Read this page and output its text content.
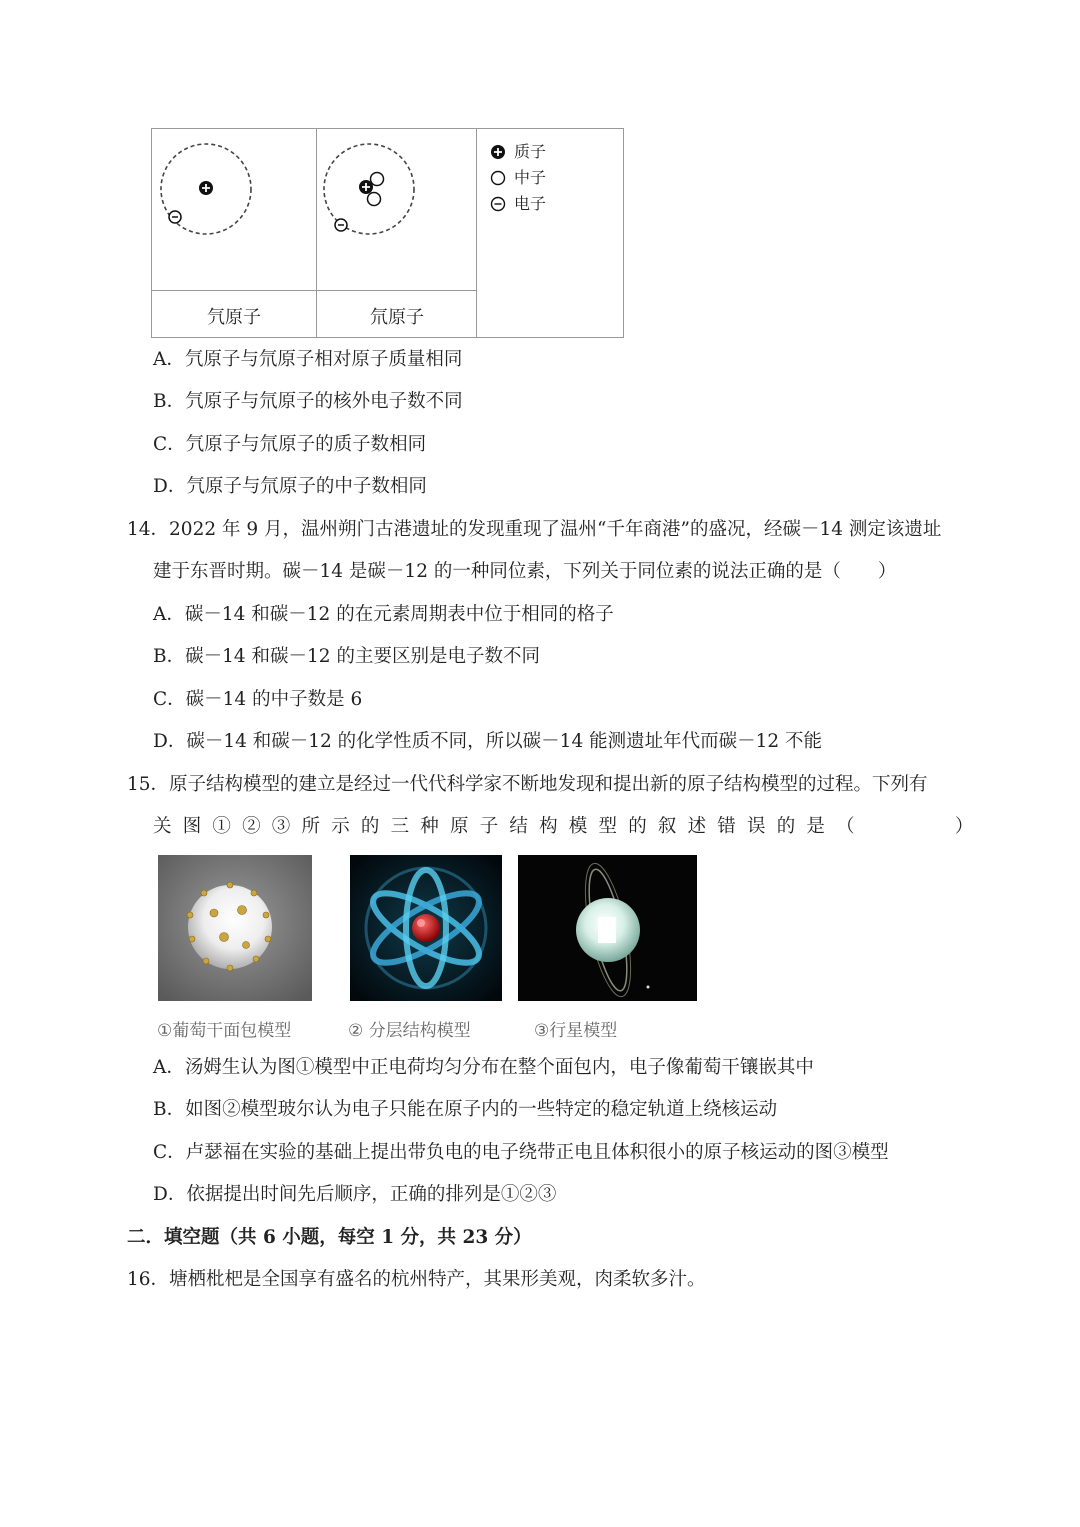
氕原子	氘原子
质子
中子
电子
A．氕原子与氘原子相对原子质量相同
B．氕原子与氘原子的核外电子数不同
C．氕原子与氘原子的质子数相同
D．氕原子与氘原子的中子数相同
14．2022 年 9 月，温州朔门古港遗址的发现重现了温州“千年商港”的盛况，经碳－14 测定该遗址
建于东晋时期。碳－14 是碳－12 的一种同位素，下列关于同位素的说法正确的是（　　）
A．碳－14 和碳－12 的在元素周期表中位于相同的格子
B．碳－14 和碳－12 的主要区别是电子数不同
C．碳－14 的中子数是 6
D．碳－14 和碳－12 的化学性质不同，所以碳－14 能测遗址年代而碳－12 不能
15．原子结构模型的建立是经过一代代科学家不断地发现和提出新的原子结构模型的过程。下列有
关图①②③所示的三种原子结构模型的叙述错误的是（　　　）
①葡萄干面包模型	② 分层结构模型	③行星模型
A．汤姆生认为图①模型中正电荷均匀分布在整个面包内，电子像葡萄干镶嵌其中
B．如图②模型玻尔认为电子只能在原子内的一些特定的稳定轨道上绕核运动
C．卢瑟福在实验的基础上提出带负电的电子绕带正电且体积很小的原子核运动的图③模型
D．依据提出时间先后顺序，正确的排列是①②③
二．填空题（共 6 小题，每空 1 分，共 23 分）
16．塘栖枇杷是全国享有盛名的杭州特产，其果形美观，肉柔软多汁。
